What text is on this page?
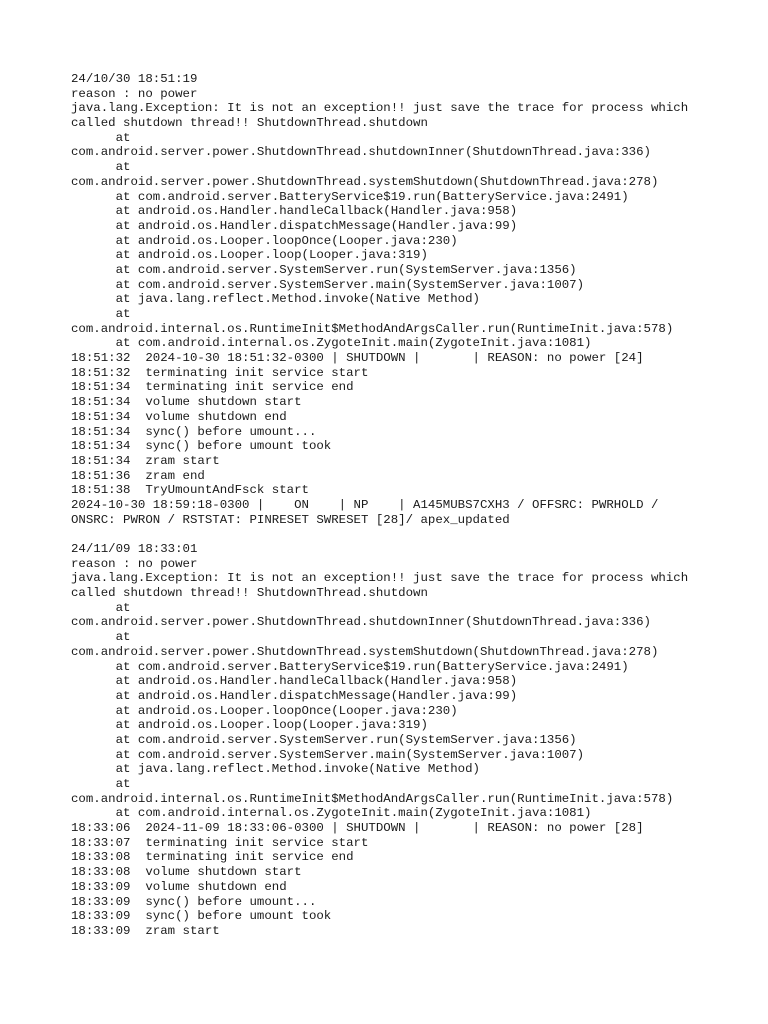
24/10/30 18:51:19
reason : no power
java.lang.Exception: It is not an exception!! just save the trace for process which
called shutdown thread!! ShutdownThread.shutdown
at
com.android.server.power.ShutdownThread.shutdownInner(ShutdownThread.java:336)
at
com.android.server.power.ShutdownThread.systemShutdown(ShutdownThread.java:278)
at com.android.server.BatteryService$19.run(BatteryService.java:2491)
at android.os.Handler.handleCallback(Handler.java:958)
at android.os.Handler.dispatchMessage(Handler.java:99)
at android.os.Looper.loopOnce(Looper.java:230)
at android.os.Looper.loop(Looper.java:319)
at com.android.server.SystemServer.run(SystemServer.java:1356)
at com.android.server.SystemServer.main(SystemServer.java:1007)
at java.lang.reflect.Method.invoke(Native Method)
at
com.android.internal.os.RuntimeInit$MethodAndArgsCaller.run(RuntimeInit.java:578)
at com.android.internal.os.ZygoteInit.main(ZygoteInit.java:1081)
18:51:32  2024-10-30 18:51:32-0300 | SHUTDOWN |       | REASON: no power [24]
18:51:32  terminating init service start
18:51:34  terminating init service end
18:51:34  volume shutdown start
18:51:34  volume shutdown end
18:51:34  sync() before umount...
18:51:34  sync() before umount took
18:51:34  zram start
18:51:36  zram end
18:51:38  TryUmountAndFsck start
2024-10-30 18:59:18-0300 |    ON    | NP    | A145MUBS7CXH3 / OFFSRC: PWRHOLD /
ONSRC: PWRON / RSTSTAT: PINRESET SWRESET [28]/ apex_updated
24/11/09 18:33:01
reason : no power
java.lang.Exception: It is not an exception!! just save the trace for process which
called shutdown thread!! ShutdownThread.shutdown
at
com.android.server.power.ShutdownThread.shutdownInner(ShutdownThread.java:336)
at
com.android.server.power.ShutdownThread.systemShutdown(ShutdownThread.java:278)
at com.android.server.BatteryService$19.run(BatteryService.java:2491)
at android.os.Handler.handleCallback(Handler.java:958)
at android.os.Handler.dispatchMessage(Handler.java:99)
at android.os.Looper.loopOnce(Looper.java:230)
at android.os.Looper.loop(Looper.java:319)
at com.android.server.SystemServer.run(SystemServer.java:1356)
at com.android.server.SystemServer.main(SystemServer.java:1007)
at java.lang.reflect.Method.invoke(Native Method)
at
com.android.internal.os.RuntimeInit$MethodAndArgsCaller.run(RuntimeInit.java:578)
at com.android.internal.os.ZygoteInit.main(ZygoteInit.java:1081)
18:33:06  2024-11-09 18:33:06-0300 | SHUTDOWN |       | REASON: no power [28]
18:33:07  terminating init service start
18:33:08  terminating init service end
18:33:08  volume shutdown start
18:33:09  volume shutdown end
18:33:09  sync() before umount...
18:33:09  sync() before umount took
18:33:09  zram start
